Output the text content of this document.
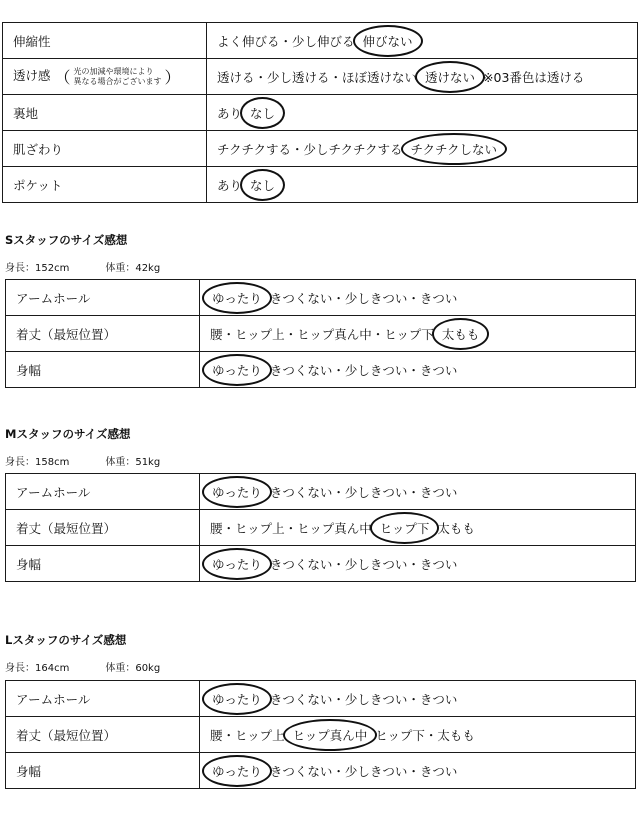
伸縮性	よく伸びる・少し伸びる 伸びない
透け感 （ 光の加減や環境により
異なる場合がございます ）	透ける・少し透ける・ほぼ透けない 透けない ※03番色は透ける
裏地	あり なし
肌ざわり	チクチクする・少しチクチクする チクチクしない
ポケット	あり なし
Sスタッフのサイズ感想
身長：152cm	体重：42kg
アームホール	ゆったり きつくない・少しきつい・きつい
着丈（最短位置）	腰・ヒップ上・ヒップ真ん中・ヒップ下 太もも
身幅	ゆったり きつくない・少しきつい・きつい
Mスタッフのサイズ感想
身長：158cm	体重：51kg
アームホール	ゆったり きつくない・少しきつい・きつい
着丈（最短位置）	腰・ヒップ上・ヒップ真ん中 ヒップ下 太もも
身幅	ゆったり きつくない・少しきつい・きつい
Lスタッフのサイズ感想
身長：164cm	体重：60kg
アームホール	ゆったり きつくない・少しきつい・きつい
着丈（最短位置）	腰・ヒップ上 ヒップ真ん中 ヒップ下・太もも
身幅	ゆったり きつくない・少しきつい・きつい
